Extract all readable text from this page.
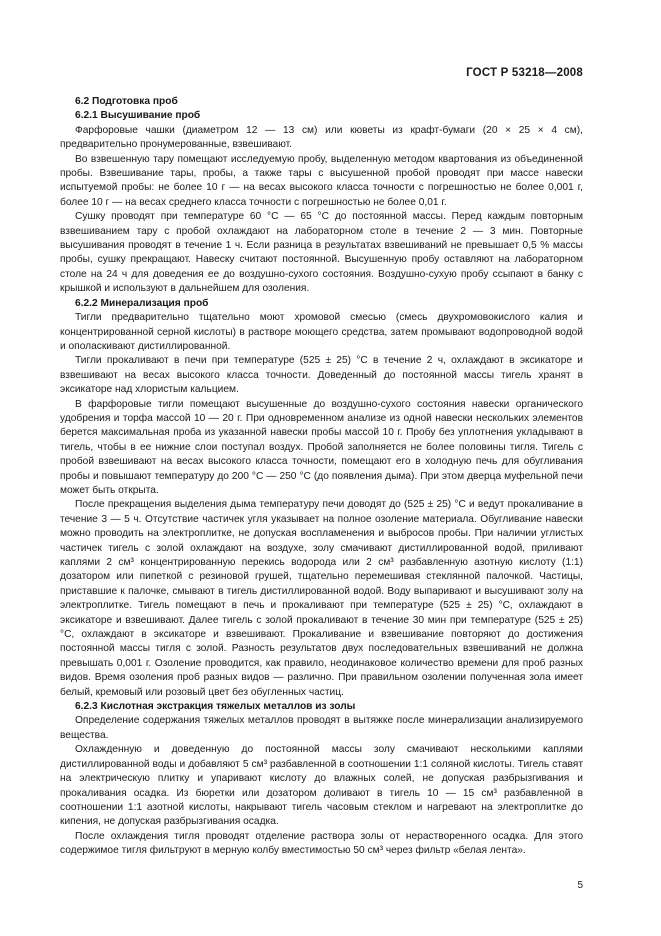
ГОСТ Р 53218—2008

6.2 Подготовка проб

6.2.1 Высушивание проб

Фарфоровые чашки (диаметром 12 — 13 см) или кюветы из крафт-бумаги (20 × 25 × 4 см), предварительно пронумерованные, взвешивают.

Во взвешенную тару помещают исследуемую пробу, выделенную методом квартования из объединенной пробы. Взвешивание тары, пробы, а также тары с высушенной пробой проводят при массе навески испытуемой пробы: не более 10 г — на весах высокого класса точности с погрешностью не более 0,001 г, более 10 г — на весах среднего класса точности с погрешностью не более 0,01 г.

Сушку проводят при температуре 60 °С — 65 °С до постоянной массы. Перед каждым повторным взвешиванием тару с пробой охлаждают на лабораторном столе в течение 2 — 3 мин. Повторные высушивания проводят в течение 1 ч. Если разница в результатах взвешиваний не превышает 0,5 % массы пробы, сушку прекращают. Навеску считают постоянной. Высушенную пробу оставляют на лабораторном столе на 24 ч для доведения ее до воздушно-сухого состояния. Воздушно-сухую пробу ссыпают в банку с крышкой и используют в дальнейшем для озоления.

6.2.2 Минерализация проб

Тигли предварительно тщательно моют хромовой смесью (смесь двухромовокислого калия и концентрированной серной кислоты) в растворе моющего средства, затем промывают водопроводной водой и ополаскивают дистиллированной.

Тигли прокаливают в печи при температуре (525 ± 25) °С в течение 2 ч, охлаждают в эксикаторе и взвешивают на весах высокого класса точности. Доведенный до постоянной массы тигель хранят в эксикаторе над хлористым кальцием.

В фарфоровые тигли помещают высушенные до воздушно-сухого состояния навески органического удобрения и торфа массой 10 — 20 г. При одновременном анализе из одной навески нескольких элементов берется максимальная проба из указанной навески пробы массой 10 г. Пробу без уплотнения укладывают в тигель, чтобы в ее нижние слои поступал воздух. Пробой заполняется не более половины тигля. Тигель с пробой взвешивают на весах высокого класса точности, помещают его в холодную печь для обугливания пробы и повышают температуру до 200 °С — 250 °С (до появления дыма). При этом дверца муфельной печи может быть открыта.

После прекращения выделения дыма температуру печи доводят до (525 ± 25) °С и ведут прокаливание в течение 3 — 5 ч. Отсутствие частичек угля указывает на полное озоление материала. Обугливание навески можно проводить на электроплитке, не допуская воспламенения и выбросов пробы. При наличии углистых частичек тигель с золой охлаждают на воздухе, золу смачивают дистиллированной водой, приливают каплями 2 см³ концентрированную перекись водорода или 2 см³ разбавленную азотную кислоту (1:1) дозатором или пипеткой с резиновой грушей, тщательно перемешивая стеклянной палочкой. Частицы, приставшие к палочке, смывают в тигель дистиллированной водой. Воду выпаривают и высушивают золу на электроплитке. Тигель помещают в печь и прокаливают при температуре (525 ± 25) °С, охлаждают в эксикаторе и взвешивают. Далее тигель с золой прокаливают в течение 30 мин при температуре (525 ± 25) °С, охлаждают в эксикаторе и взвешивают. Прокаливание и взвешивание повторяют до достижения постоянной массы тигля с золой. Разность результатов двух последовательных взвешиваний не должна превышать 0,001 г. Озоление проводится, как правило, неодинаковое количество времени для проб разных видов. Время озоления проб разных видов — различно. При правильном озолении полученная зола имеет белый, кремовый или розовый цвет без обугленных частиц.

6.2.3 Кислотная экстракция тяжелых металлов из золы

Определение содержания тяжелых металлов проводят в вытяжке после минерализации анализируемого вещества.

Охлажденную и доведенную до постоянной массы золу смачивают несколькими каплями дистиллированной воды и добавляют 5 см³ разбавленной в соотношении 1:1 соляной кислоты. Тигель ставят на электрическую плитку и упаривают кислоту до влажных солей, не допуская разбрызгивания и прокаливания осадка. Из бюретки или дозатором доливают в тигель 10 — 15 см³ разбавленной в соотношении 1:1 азотной кислоты, накрывают тигель часовым стеклом и нагревают на электроплитке до кипения, не допуская разбрызгивания осадка.

После охлаждения тигля проводят отделение раствора золы от нерастворенного осадка. Для этого содержимое тигля фильтруют в мерную колбу вместимостью 50 см³ через фильтр «белая лента».

5
